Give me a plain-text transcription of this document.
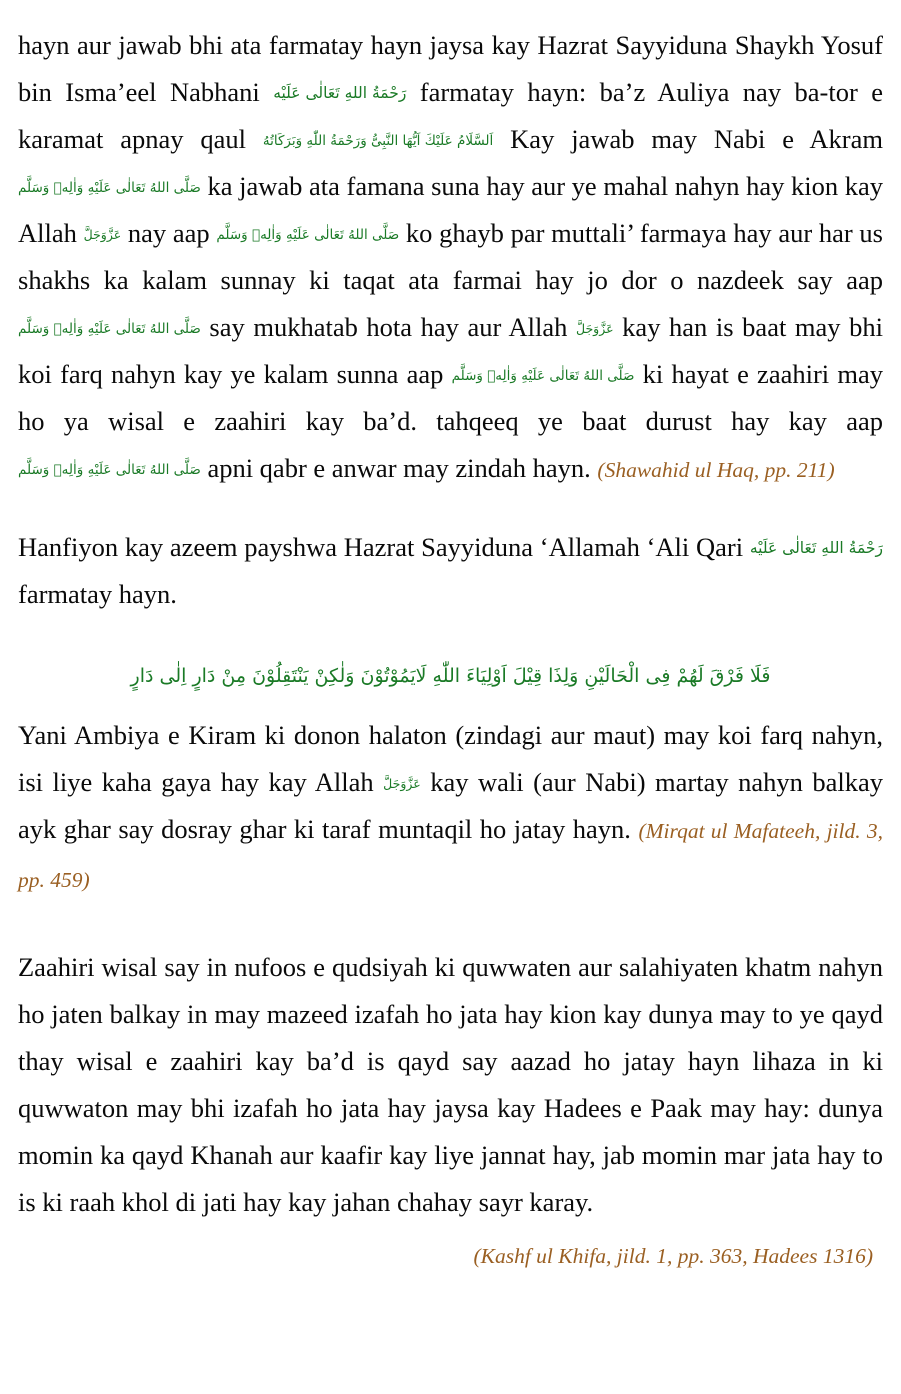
hayn aur jawab bhi ata farmatay hayn jaysa kay Hazrat Sayyiduna Shaykh Yosuf bin Isma’eel Nabhani رَحْمَةُ اللهِ تَعَالٰی عَلَیْه farmatay hayn: ba’z Auliya nay ba-tor e karamat apnay qaul اَلسَّلَامُ عَلَیْكَ اَیُّهَا النَّبِیُّ وَرَحْمَةُ اللّٰهِ وَبَرَكَاتُهُ Kay jawab may Nabi e Akram صَلَّی اللهُ تَعَالٰی عَلَیْهِ وَاٰلِهٖ وَسَلَّم ka jawab ata famana suna hay aur ye mahal nahyn hay kion kay Allah عَزَّوَجَلَّ nay aap صَلَّی اللهُ تَعَالٰی عَلَیْهِ وَاٰلِهٖ وَسَلَّم ko ghayb par muttali’ farmaya hay aur har us shakhs ka kalam sunnay ki taqat ata farmai hay jo dor o nazdeek say aap صَلَّی اللهُ تَعَالٰی عَلَیْهِ وَاٰلِهٖ وَسَلَّم say mukhatab hota hay aur Allah عَزَّوَجَلَّ kay han is baat may bhi koi farq nahyn kay ye kalam sunna aap صَلَّی اللهُ تَعَالٰی عَلَیْهِ وَاٰلِهٖ وَسَلَّم ki hayat e zaahiri may ho ya wisal e zaahiri kay ba’d. tahqeeq ye baat durust hay kay aap صَلَّی اللهُ تَعَالٰی عَلَیْهِ وَاٰلِهٖ وَسَلَّم apni qabr e anwar may zindah hayn. (Shawahid ul Haq, pp. 211)

Hanfiyon kay azeem payshwa Hazrat Sayyiduna ‘Allamah ‘Ali Qari رَحْمَةُ اللهِ تَعَالٰی عَلَیْه farmatay hayn.

فَلَا فَرْقَ لَهُمْ فِی الْحَالَیْنِ وَلِذَا قِیْلَ اَوْلِیَاءَ اللّٰهِ لَایَمُوْتُوْنَ وَلٰكِنْ یَنْتَقِلُوْنَ مِنْ دَارٍ اِلٰی دَارٍ

Yani Ambiya e Kiram ki donon halaton (zindagi aur maut) may koi farq nahyn, isi liye kaha gaya hay kay Allah عَزَّوَجَلَّ kay wali (aur Nabi) martay nahyn balkay ayk ghar say dosray ghar ki taraf muntaqil ho jatay hayn. (Mirqat ul Mafateeh, jild. 3, pp. 459)

Zaahiri wisal say in nufoos e qudsiyah ki quwwaten aur salahiyaten khatm nahyn ho jaten balkay in may mazeed izafah ho jata hay kion kay dunya may to ye qayd thay wisal e zaahiri kay ba’d is qayd say aazad ho jatay hayn lihaza in ki quwwaton may bhi izafah ho jata hay jaysa kay Hadees e Paak may hay: dunya momin ka qayd Khanah aur kaafir kay liye jannat hay, jab momin mar jata hay to is ki raah khol di jati hay kay jahan chahay sayr karay.

(Kashf ul Khifa, jild. 1, pp. 363, Hadees 1316)
